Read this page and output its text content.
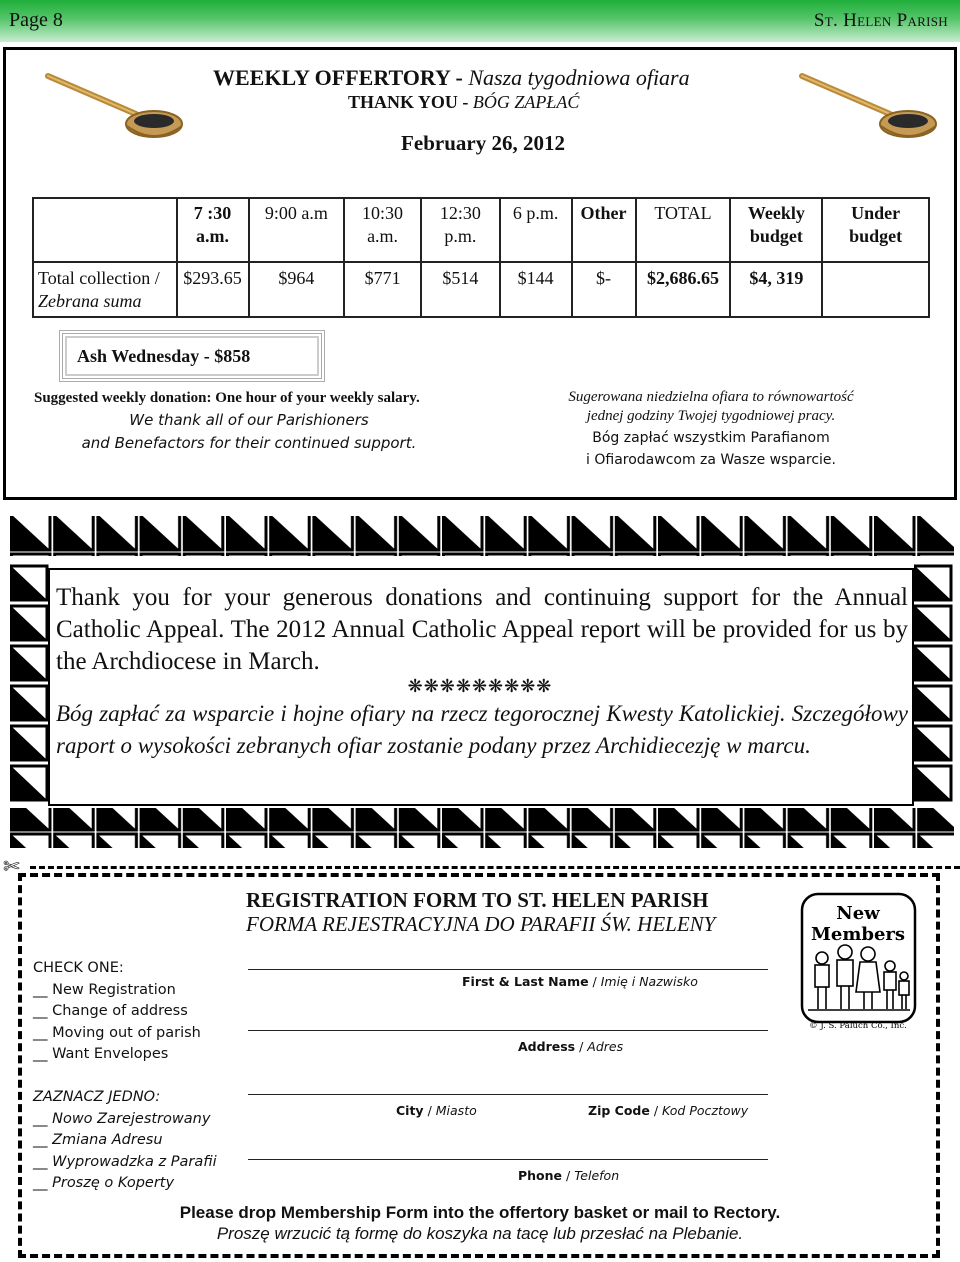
Page 8	St. Helen Parish
WEEKLY OFFERTORY - Nasza tygodniowa ofiara
THANK YOU - BÓG ZAPŁAĆ
February 26, 2012
	7 :30 a.m.	9:00 a.m	10:30 a.m.	12:30 p.m.	6 p.m.	Other	TOTAL	Weekly budget	Under budget

Total collection /
Zebrana suma	$293.65	$964	$771	$514	$144	$-	$2,686.65	$4, 319	
Ash Wednesday - $858
Suggested weekly donation: One hour of your weekly salary.
We thank all of our Parishioners
and Benefactors for their continued support.
Sugerowana niedzielna ofiara to równowartość
jednej godziny Twojej tygodniowej pracy.
Bóg zapłać wszystkim Parafianom
i Ofiarodawcom za Wasze wsparcie.
Thank you for your generous donations and continuing support for the Annual Catholic Appeal. The 2012 Annual Catholic Appeal report will be provided for us by the Archdiocese in March.
❋❋❋❋❋❋❋❋❋
Bóg zapłać za wsparcie i hojne ofiary na rzecz tegorocznej Kwesty Katolickiej. Szczegółowy raport o wysokości zebranych ofiar zostanie podany przez Archidiecezję w marcu.
✄
REGISTRATION FORM TO ST. HELEN PARISH
FORMA REJESTRACYJNA DO PARAFII ŚW. HELENY	New
Members
© J. S. Paluch Co., Inc.
CHECK ONE:
__ New Registration
__ Change of address
__ Moving out of parish
__ Want Envelopes
ZAZNACZ JEDNO:
__ Nowo Zarejestrowany
__ Zmiana Adresu
__ Wyprowadzka z Parafii
__ Proszę o Koperty
First & Last Name / Imię i Nazwisko
Address / Adres
City / Miasto	Zip Code / Kod Pocztowy
Phone / Telefon
Please drop Membership Form into the offertory basket or mail to Rectory.
Proszę wrzucić tą formę do koszyka na tacę lub przesłać na Plebanie.
